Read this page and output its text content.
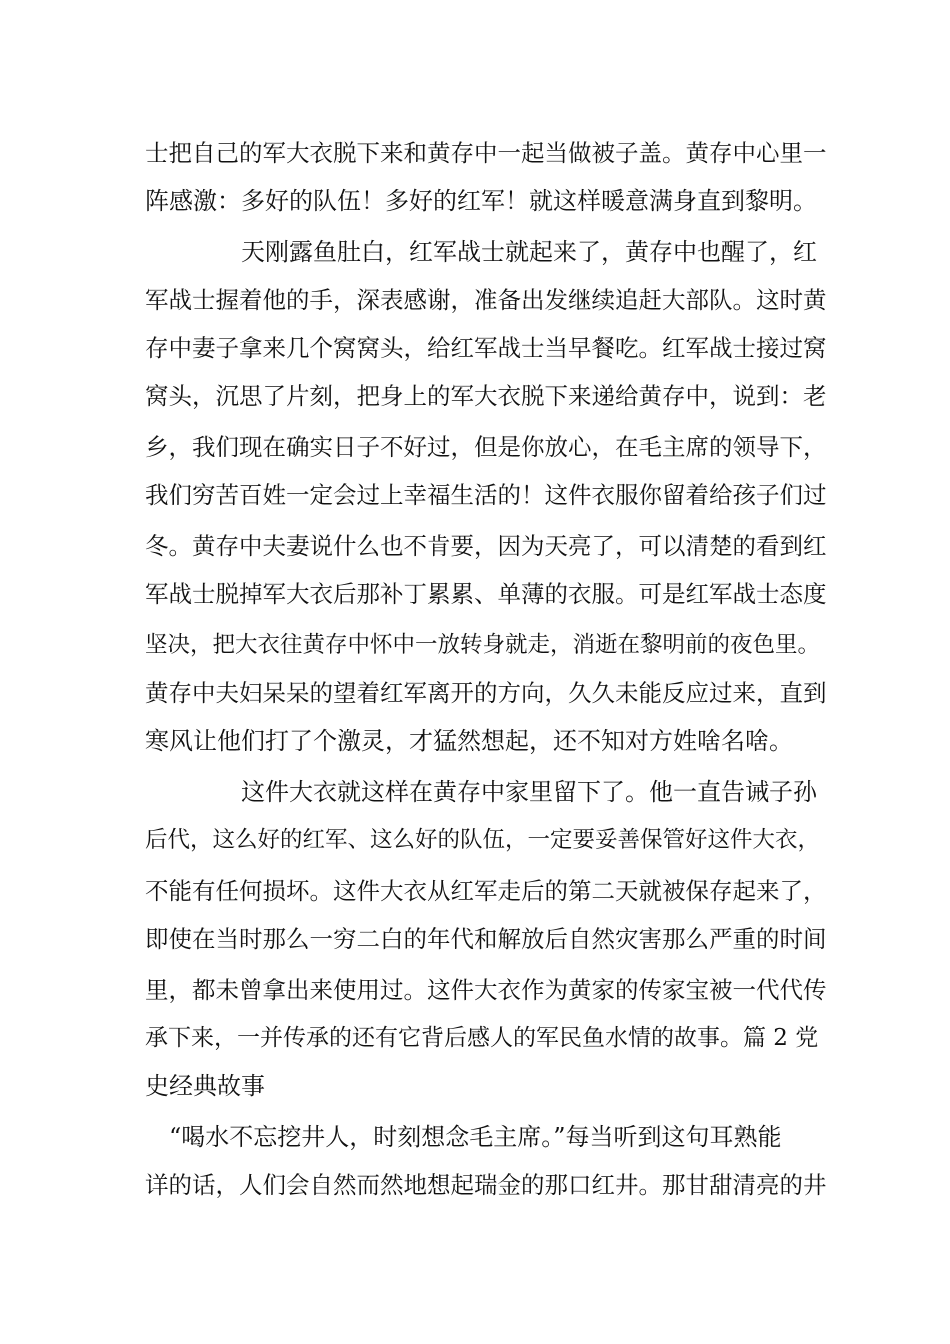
士把自己的军大衣脱下来和黄存中一起当做被子盖。黄存中心里一
阵感激：多好的队伍！多好的红军！就这样暖意满身直到黎明。
　　　　天刚露鱼肚白，红军战士就起来了，黄存中也醒了，红
军战士握着他的手，深表感谢，准备出发继续追赶大部队。这时黄
存中妻子拿来几个窝窝头，给红军战士当早餐吃。红军战士接过窝
窝头，沉思了片刻，把身上的军大衣脱下来递给黄存中，说到：老
乡，我们现在确实日子不好过，但是你放心，在毛主席的领导下，
我们穷苦百姓一定会过上幸福生活的！这件衣服你留着给孩子们过
冬。黄存中夫妻说什么也不肯要，因为天亮了，可以清楚的看到红
军战士脱掉军大衣后那补丁累累、单薄的衣服。可是红军战士态度
坚决，把大衣往黄存中怀中一放转身就走，消逝在黎明前的夜色里。
黄存中夫妇呆呆的望着红军离开的方向，久久未能反应过来，直到
寒风让他们打了个激灵，才猛然想起，还不知对方姓啥名啥。
　　　　这件大衣就这样在黄存中家里留下了。他一直告诫子孙
后代，这么好的红军、这么好的队伍，一定要妥善保管好这件大衣，
不能有任何损坏。这件大衣从红军走后的第二天就被保存起来了，
即使在当时那么一穷二白的年代和解放后自然灾害那么严重的时间
里，都未曾拿出来使用过。这件大衣作为黄家的传家宝被一代代传
承下来，一并传承的还有它背后感人的军民鱼水情的故事。篇 2 党
史经典故事
　“喝水不忘挖井人，时刻想念毛主席。”每当听到这句耳熟能
详的话，人们会自然而然地想起瑞金的那口红井。那甘甜清亮的井
